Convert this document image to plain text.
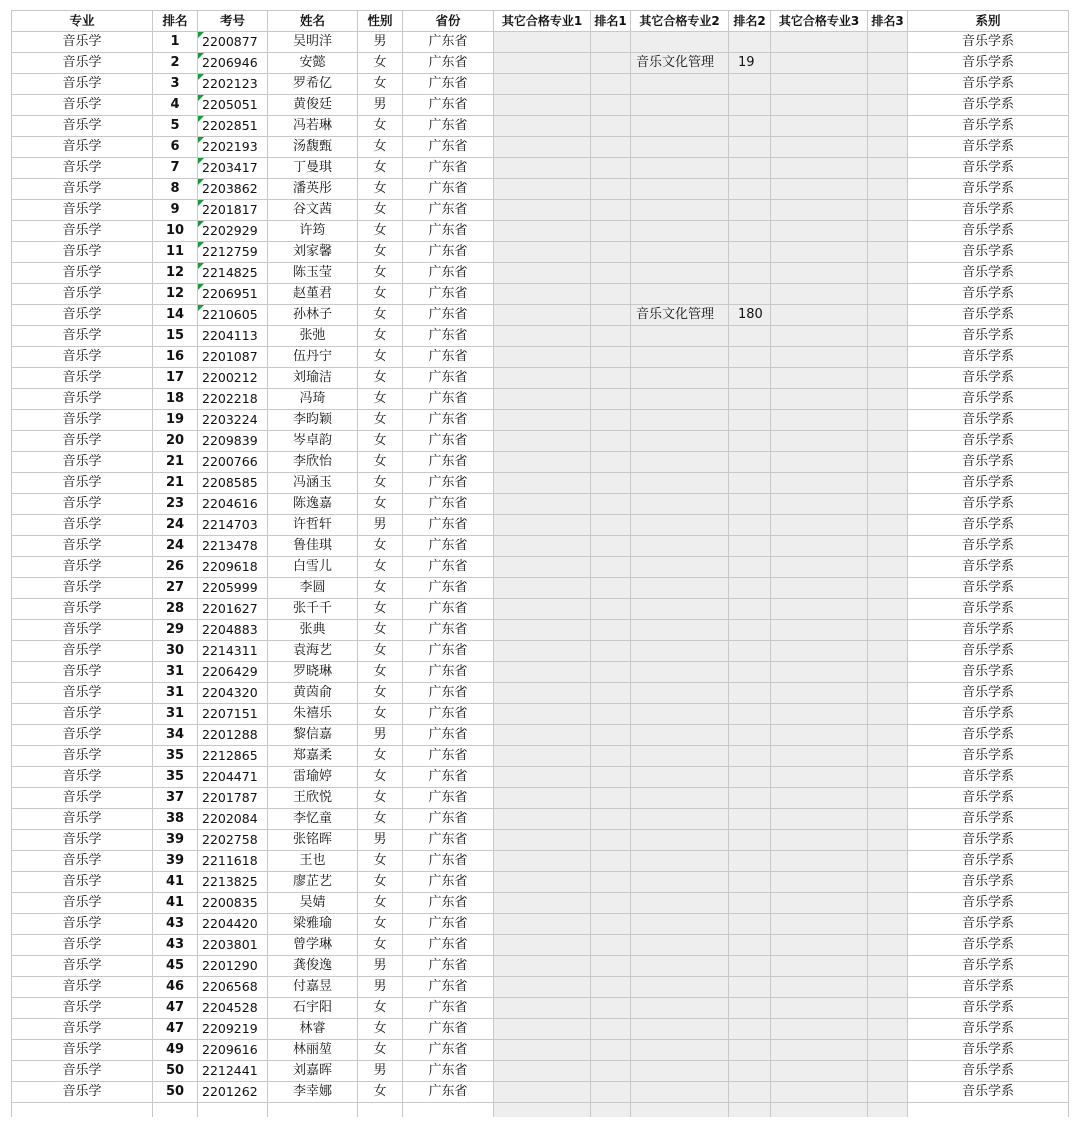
专业	排名	考号	姓名	性别	省份	其它合格专业1	排名1	其它合格专业2	排名2	其它合格专业3	排名3	系别
音乐学	1	2200877	吴明洋	男	广东省							音乐学系
音乐学	2	2206946	安懿	女	广东省			音乐文化管理	19			音乐学系
音乐学	3	2202123	罗希亿	女	广东省							音乐学系
音乐学	4	2205051	黄俊廷	男	广东省							音乐学系
音乐学	5	2202851	冯若琳	女	广东省							音乐学系
音乐学	6	2202193	汤馥甄	女	广东省							音乐学系
音乐学	7	2203417	丁曼琪	女	广东省							音乐学系
音乐学	8	2203862	潘英彤	女	广东省							音乐学系
音乐学	9	2201817	谷文茜	女	广东省							音乐学系
音乐学	10	2202929	许筠	女	广东省							音乐学系
音乐学	11	2212759	刘家馨	女	广东省							音乐学系
音乐学	12	2214825	陈玉莹	女	广东省							音乐学系
音乐学	12	2206951	赵堇君	女	广东省							音乐学系
音乐学	14	2210605	孙林子	女	广东省			音乐文化管理	180			音乐学系
音乐学	15	2204113	张弛	女	广东省							音乐学系
音乐学	16	2201087	伍丹宁	女	广东省							音乐学系
音乐学	17	2200212	刘瑜洁	女	广东省							音乐学系
音乐学	18	2202218	冯琦	女	广东省							音乐学系
音乐学	19	2203224	李昀颖	女	广东省							音乐学系
音乐学	20	2209839	岑卓韵	女	广东省							音乐学系
音乐学	21	2200766	李欣怡	女	广东省							音乐学系
音乐学	21	2208585	冯涵玉	女	广东省							音乐学系
音乐学	23	2204616	陈逸嘉	女	广东省							音乐学系
音乐学	24	2214703	许哲轩	男	广东省							音乐学系
音乐学	24	2213478	鲁佳琪	女	广东省							音乐学系
音乐学	26	2209618	白雪儿	女	广东省							音乐学系
音乐学	27	2205999	李圆	女	广东省							音乐学系
音乐学	28	2201627	张千千	女	广东省							音乐学系
音乐学	29	2204883	张典	女	广东省							音乐学系
音乐学	30	2214311	袁海艺	女	广东省							音乐学系
音乐学	31	2206429	罗晓琳	女	广东省							音乐学系
音乐学	31	2204320	黄茵俞	女	广东省							音乐学系
音乐学	31	2207151	朱禧乐	女	广东省							音乐学系
音乐学	34	2201288	黎信嘉	男	广东省							音乐学系
音乐学	35	2212865	郑嘉柔	女	广东省							音乐学系
音乐学	35	2204471	雷瑜婷	女	广东省							音乐学系
音乐学	37	2201787	王欣悦	女	广东省							音乐学系
音乐学	38	2202084	李忆童	女	广东省							音乐学系
音乐学	39	2202758	张铭晖	男	广东省							音乐学系
音乐学	39	2211618	王也	女	广东省							音乐学系
音乐学	41	2213825	廖芷艺	女	广东省							音乐学系
音乐学	41	2200835	吴婧	女	广东省							音乐学系
音乐学	43	2204420	梁雅瑜	女	广东省							音乐学系
音乐学	43	2203801	曾学琳	女	广东省							音乐学系
音乐学	45	2201290	龚俊逸	男	广东省							音乐学系
音乐学	46	2206568	付嘉昱	男	广东省							音乐学系
音乐学	47	2204528	石宇阳	女	广东省							音乐学系
音乐学	47	2209219	林睿	女	广东省							音乐学系
音乐学	49	2209616	林丽堃	女	广东省							音乐学系
音乐学	50	2212441	刘嘉晖	男	广东省							音乐学系
音乐学	50	2201262	李幸娜	女	广东省							音乐学系
